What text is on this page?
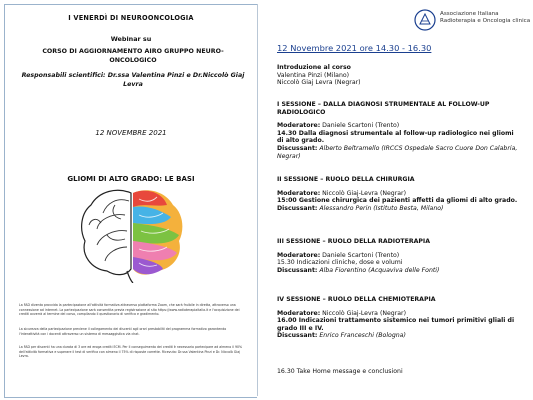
I VENERDÌ DI NEUROONCOLOGIA
Webinar su
CORSO DI AGGIORNAMENTO AIRO GRUPPO NEURO-ONCOLOGICO
Responsabili scientifici: Dr.ssa Valentina Pinzi e Dr.Niccolò Giaj Levra
12 NOVEMBRE 2021
GLIOMI DI ALTO GRADO: LE BASI
La FAD diventa provvida la partecipazione all'attività formativa attraverso piattaforma Zoom, che sarà fruibile in diretta, attraverso una connessione ad internet. La partecipazione sarà consentita previa registrazione al sito https://www.radioterapiaitalia.it e l'acquisizione dei crediti avverrà al termine del corso, compilando il questionario di verifica e gradimento.
La sicurezza della partecipazione previene il collegamento dei discenti agli orari prestabiliti del programma formativo garantendo l'interattività con i docenti attraverso un sistema di messaggistica via chat.
La FAD per discenti ha una durata di 3 ore ed eroga crediti ECM. Per il conseguimento dei crediti è necessario partecipare ad almeno il 90% dell'attività formativa e superare il test di verifica con almeno il 75% di risposte corrette. Ricevuta: Dr.ssa Valentina Pinzi e Dr. Niccolò Giaj Levra.
Associazione Italiana
Radioterapia e Oncologia clinica
12 Novembre 2021 ore 14.30 - 16.30
Introduzione al corso
Valentina Pinzi (Milano)
Niccolò Giaj Levra (Negrar)
I SESSIONE – DALLA DIAGNOSI STRUMENTALE AL FOLLOW-UP RADIOLOGICO
Moderatore: Daniele Scartoni (Trento)
14.30 Dalla diagnosi strumentale al follow-up radiologico nei gliomi di alto grado.
Discussant: Alberto Beltramello (IRCCS Ospedale Sacro Cuore Don Calabria, Negrar)
II SESSIONE – RUOLO DELLA CHIRURGIA
Moderatore: Niccolò Giaj-Levra (Negrar)
15:00 Gestione chirurgica dei pazienti affetti da gliomi di alto grado.
Discussant: Alessandro Perin (Istituto Besta, Milano)
III SESSIONE – RUOLO DELLA RADIOTERAPIA
Moderatore: Daniele Scartoni (Trento)
15.30 Indicazioni cliniche, dose e volumi
Discussant: Alba Fiorentino (Acquaviva delle Fonti)
IV SESSIONE – RUOLO DELLA CHEMIOTERAPIA
Moderatore: Niccolò Giaj-Levra (Negrar)
16.00 Indicazioni trattamento sistemico nei tumori primitivi gliali di grado III e IV.
Discussant: Enrico Franceschi (Bologna)
16.30 Take Home message e conclusioni
